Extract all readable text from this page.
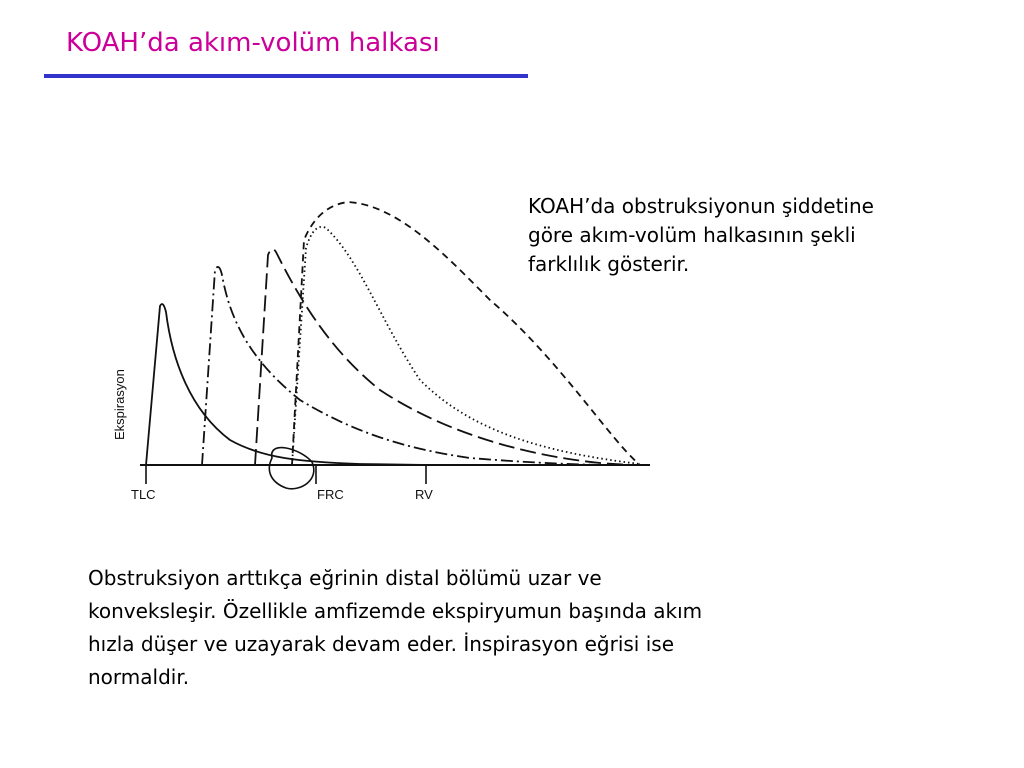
KOAH’da akım-volüm halkası

KOAH’da obstruksiyonun şiddetine
göre akım-volüm halkasının şekli
farklılık gösterir.

Ekspirasyon
TLC	FRC	RV

Obstruksiyon arttıkça eğrinin distal bölümü uzar ve
konveksleşir. Özellikle amfizemde ekspiryumun başında akım
hızla düşer ve uzayarak devam eder. İnspirasyon eğrisi ise
normaldir.
